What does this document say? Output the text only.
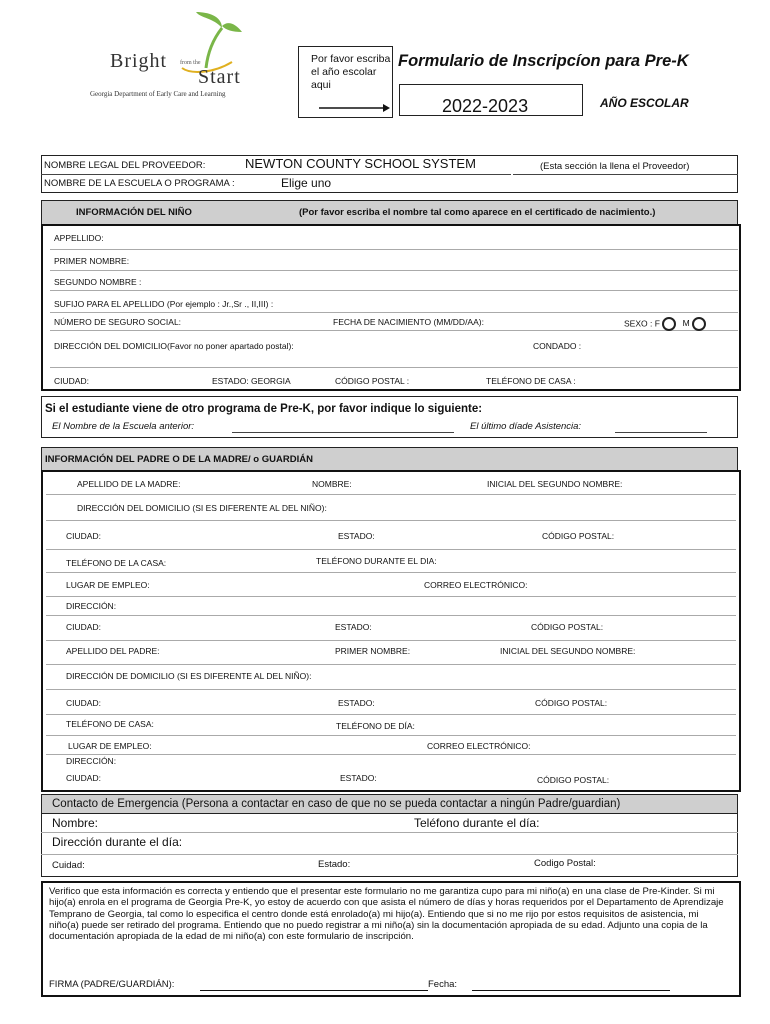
Bright from the
Start
Georgia Department of Early Care and Learning
Por favor escriba el año escolar aqui
Formulario de Inscripcíon para Pre-K
2022-2023	AÑO ESCOLAR
NOMBRE LEGAL DEL PROVEEDOR:	NEWTON COUNTY SCHOOL SYSTEM	(Esta sección la llena el Proveedor)
NOMBRE DE LA ESCUELA O PROGRAMA :	Elige uno
INFORMACIÓN DEL NIÑO	(Por favor escriba el nombre tal como aparece en el certificado de nacimiento.)
APPELLIDO:
PRIMER NOMBRE:
SEGUNDO NOMBRE :
SUFIJO PARA EL APELLIDO (Por ejemplo : Jr.,Sr ., II,III) :
NÚMERO DE SEGURO SOCIAL:	FECHA DE NACIMIENTO (MM/DD/AA):	SEXO : F	M
DIRECCIÓN DEL DOMICILIO(Favor no poner apartado postal):	CONDADO :
CIUDAD:	ESTADO: GEORGIA	CÓDIGO POSTAL :	TELÉFONO DE CASA :
Si el estudiante viene de otro programa de Pre-K, por favor indique lo siguiente:
El Nombre de la Escuela anterior:	El último díade Asistencia:
INFORMACIÓN DEL PADRE O DE LA MADRE/ o GUARDIÁN
APELLIDO DE LA MADRE:	NOMBRE:	INICIAL DEL SEGUNDO NOMBRE:
DIRECCIÓN DEL DOMICILIO (SI ES DIFERENTE AL DEL NIÑO):
CIUDAD:	ESTADO:	CÓDIGO POSTAL:
TELÉFONO DE LA CASA:	TELÉFONO DURANTE EL DIA:
LUGAR DE EMPLEO:	CORREO ELECTRÓNICO:
DIRECCIÓN:
CIUDAD:	ESTADO:	CÓDIGO POSTAL:
APELLIDO DEL PADRE:	PRIMER NOMBRE:	INICIAL DEL SEGUNDO NOMBRE:
DIRECCIÓN DE DOMICILIO (SI ES DIFERENTE AL DEL NIÑO):
CIUDAD:	ESTADO:	CÓDIGO POSTAL:
TELÉFONO DE CASA:	TELÉFONO DE DÍA:
LUGAR DE EMPLEO:	CORREO ELECTRÓNICO:
DIRECCIÓN:
CIUDAD:	ESTADO:	CÓDIGO POSTAL:
Contacto de Emergencia (Persona a contactar en caso de que no se pueda contactar a ningún Padre/guardian)
Nombre:	Teléfono durante el día:
Dirección durante el día:
Cuidad:	Estado:	Codigo Postal:
Verifico que esta información es correcta y entiendo que el presentar este formulario no me garantiza cupo para mi niño(a) en una clase de Pre-Kinder. Si mi hijo(a) enrola en el programa de Georgia Pre-K, yo estoy de acuerdo con que asista el número de días y horas requeridos por el Departamento de Aprendizaje Temprano de Georgia, tal como lo especifica el centro donde está enrolado(a) mi hijo(a). Entiendo que si no me rijo por estos requisitos de asistencia, mi niño(a) puede ser retirado del programa. Entiendo que no puedo registrar a mi niño(a) sin la documentación apropiada de su edad. Adjunto una copia de la documentación apropiada de la edad de mi niño(a) con este formulario de inscripción.
FIRMA (PADRE/GUARDIÁN):	Fecha:
